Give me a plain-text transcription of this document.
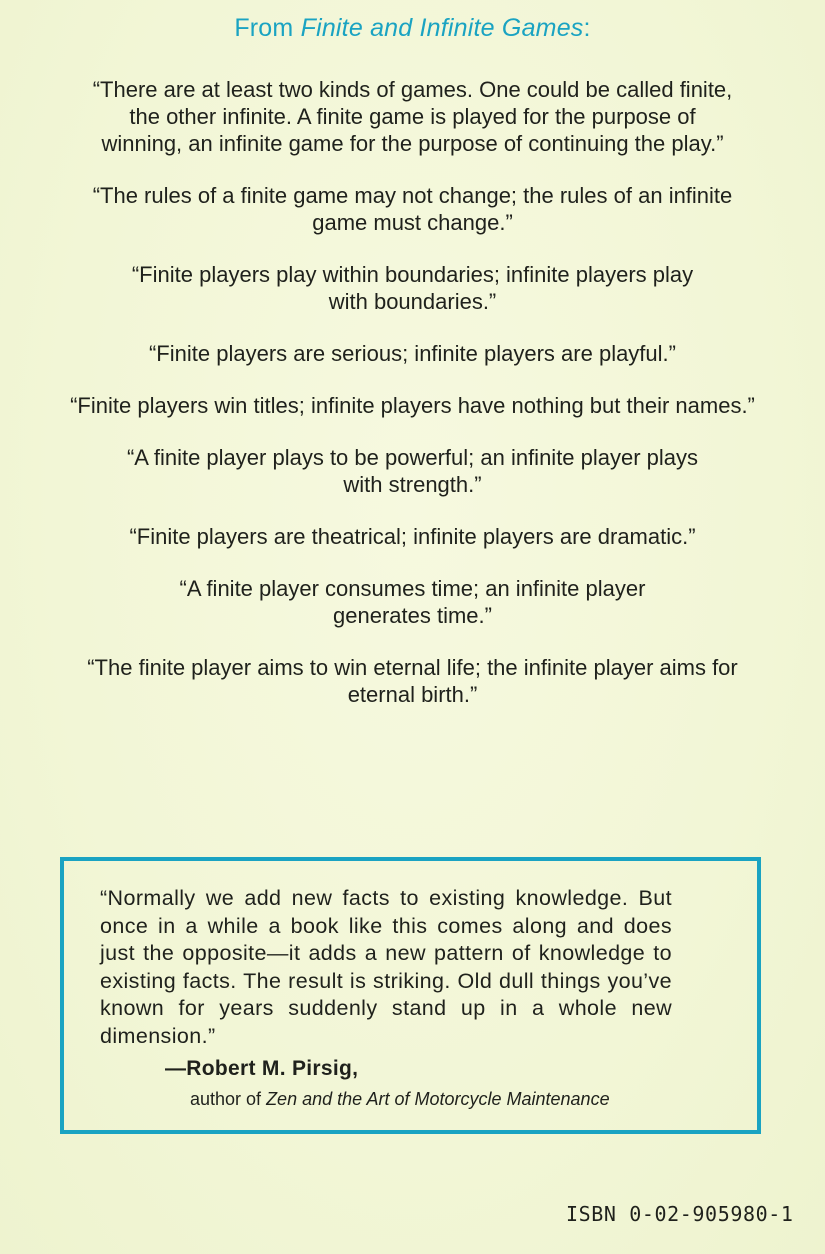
From Finite and Infinite Games:

“There are at least two kinds of games. One could be called finite, the other infinite. A finite game is played for the purpose of winning, an infinite game for the purpose of continuing the play.”

“The rules of a finite game may not change; the rules of an infinite game must change.”

“Finite players play within boundaries; infinite players play with boundaries.”

“Finite players are serious; infinite players are playful.”

“Finite players win titles; infinite players have nothing but their names.”

“A finite player plays to be powerful; an infinite player plays with strength.”

“Finite players are theatrical; infinite players are dramatic.”

“A finite player consumes time; an infinite player generates time.”

“The finite player aims to win eternal life; the infinite player aims for eternal birth.”

“Normally we add new facts to existing knowledge. But once in a while a book like this comes along and does just the opposite—it adds a new pattern of knowledge to existing facts. The result is striking. Old dull things you’ve known for years suddenly stand up in a whole new dimension.”
—Robert M. Pirsig,
author of Zen and the Art of Motorcycle Maintenance
ISBN 0-02-905980-1
